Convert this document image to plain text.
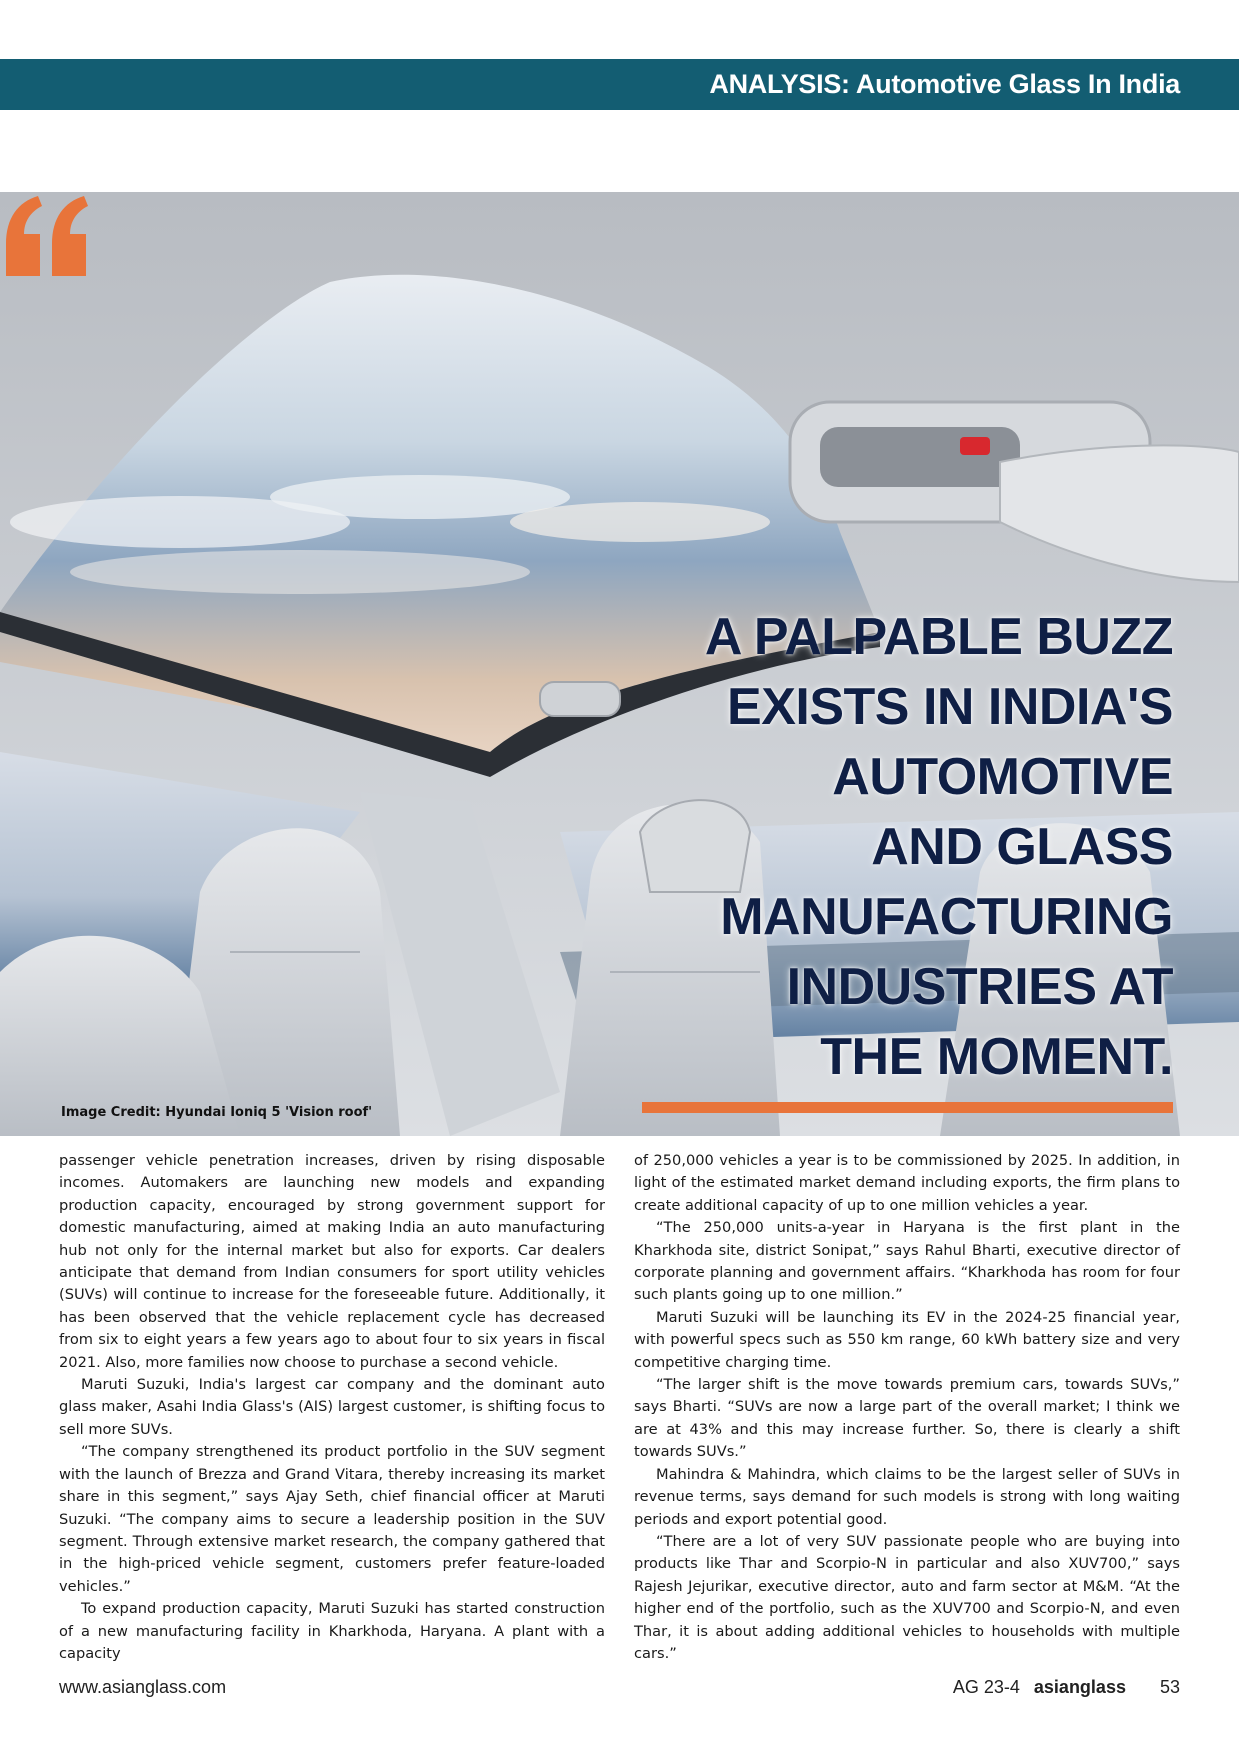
ANALYSIS: Automotive Glass In India
A PALPABLE BUZZ
EXISTS IN INDIA'S
AUTOMOTIVE
AND GLASS
MANUFACTURING
INDUSTRIES AT
THE MOMENT.
Image Credit: Hyundai Ioniq 5 'Vision roof'

passenger vehicle penetration increases, driven by rising disposable incomes. Automakers are launching new models and expanding production capacity, encouraged by strong government support for domestic manufacturing, aimed at making India an auto manufacturing hub not only for the internal market but also for exports. Car dealers anticipate that demand from Indian consumers for sport utility vehicles (SUVs) will continue to increase for the foreseeable future. Additionally, it has been observed that the vehicle replacement cycle has decreased from six to eight years a few years ago to about four to six years in fiscal 2021. Also, more families now choose to purchase a second vehicle.

Maruti Suzuki, India's largest car company and the dominant auto glass maker, Asahi India Glass's (AIS) largest customer, is shifting focus to sell more SUVs.

“The company strengthened its product portfolio in the SUV segment with the launch of Brezza and Grand Vitara, thereby increasing its market share in this segment,” says Ajay Seth, chief financial officer at Maruti Suzuki. “The company aims to secure a leadership position in the SUV segment. Through extensive market research, the company gathered that in the high-priced vehicle segment, customers prefer feature-loaded vehicles.”

To expand production capacity, Maruti Suzuki has started construction of a new manufacturing facility in Kharkhoda, Haryana. A plant with a capacity

of 250,000 vehicles a year is to be commissioned by 2025. In addition, in light of the estimated market demand including exports, the firm plans to create additional capacity of up to one million vehicles a year.

“The 250,000 units-a-year in Haryana is the first plant in the Kharkhoda site, district Sonipat,” says Rahul Bharti, executive director of corporate planning and government affairs. “Kharkhoda has room for four such plants going up to one million.”

Maruti Suzuki will be launching its EV in the 2024-25 financial year, with powerful specs such as 550 km range, 60 kWh battery size and very competitive charging time.

“The larger shift is the move towards premium cars, towards SUVs,” says Bharti. “SUVs are now a large part of the overall market; I think we are at 43% and this may increase further. So, there is clearly a shift towards SUVs.”

Mahindra & Mahindra, which claims to be the largest seller of SUVs in revenue terms, says demand for such models is strong with long waiting periods and export potential good.

“There are a lot of very SUV passionate people who are buying into products like Thar and Scorpio-N in particular and also XUV700,” says Rajesh Jejurikar, executive director, auto and farm sector at M&M. “At the higher end of the portfolio, such as the XUV700 and Scorpio-N, and even Thar, it is about adding additional vehicles to households with multiple cars.”

www.asianglass.com	AG 23-4 asianglass 53
